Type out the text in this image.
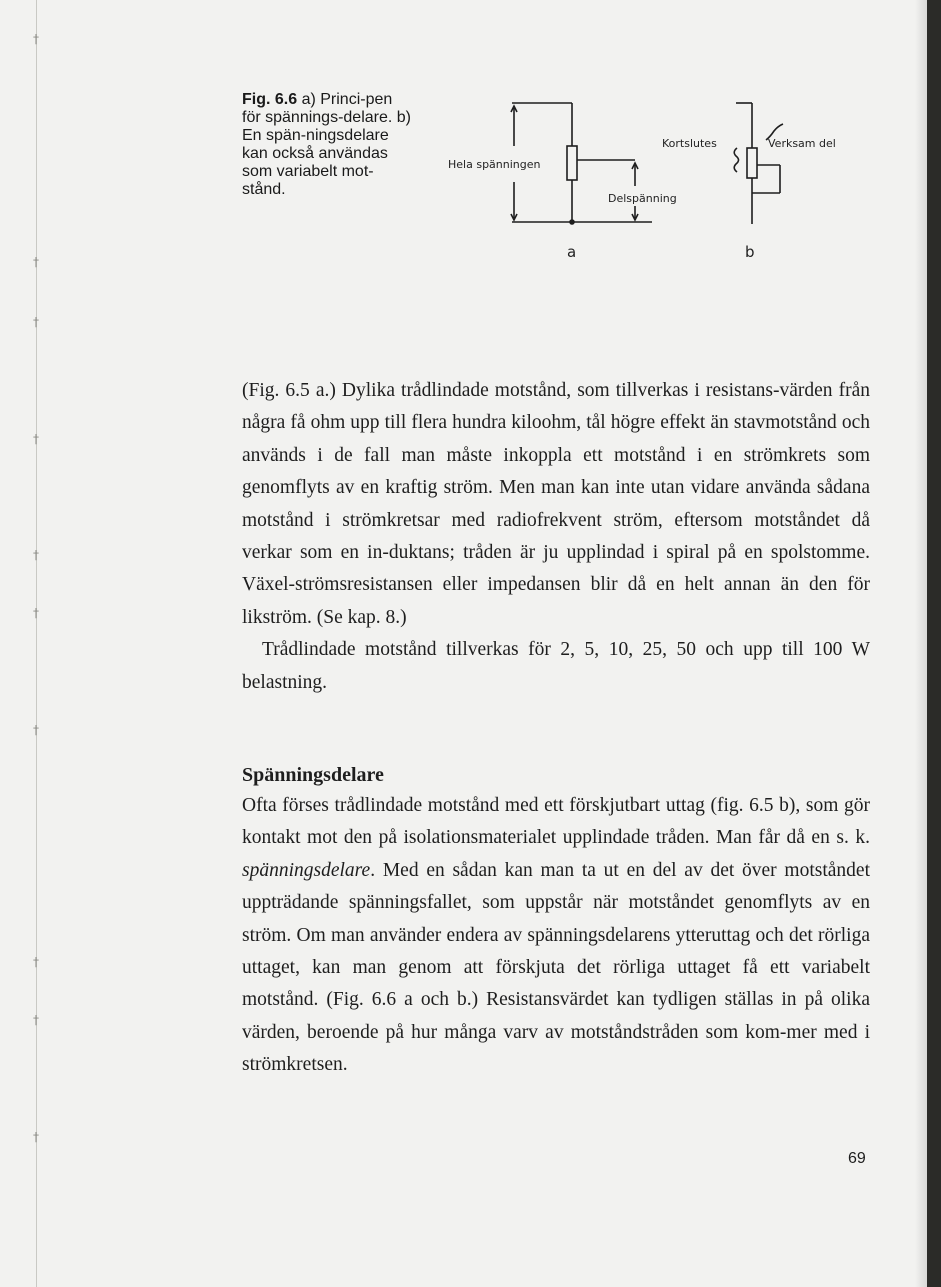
†
†
†
†
†
†
†
†
†
†
Fig. 6.6 a) Princi-pen för spännings-delare. b) En spän-ningsdelare kan också användas som variabelt mot-stånd.
Hela spänningen
Delspänning
Kortslutes	Verksam del
a	b

(Fig. 6.5 a.) Dylika trådlindade motstånd, som tillverkas i resistans-värden från några få ohm upp till flera hundra kiloohm, tål högre effekt än stavmotstånd och används i de fall man måste inkoppla ett motstånd i en strömkrets som genomflyts av en kraftig ström. Men man kan inte utan vidare använda sådana motstånd i strömkretsar med radiofrekvent ström, eftersom motståndet då verkar som en in-duktans; tråden är ju upplindad i spiral på en spolstomme. Växel-strömsresistansen eller impedansen blir då en helt annan än den för likström. (Se kap. 8.)

Trådlindade motstånd tillverkas för 2, 5, 10, 25, 50 och upp till 100 W belastning.

Spänningsdelare

Ofta förses trådlindade motstånd med ett förskjutbart uttag (fig. 6.5 b), som gör kontakt mot den på isolationsmaterialet upplindade tråden. Man får då en s. k. spänningsdelare. Med en sådan kan man ta ut en del av det över motståndet uppträdande spänningsfallet, som uppstår när motståndet genomflyts av en ström. Om man använder endera av spänningsdelarens ytteruttag och det rörliga uttaget, kan man genom att förskjuta det rörliga uttaget få ett variabelt motstånd. (Fig. 6.6 a och b.) Resistansvärdet kan tydligen ställas in på olika värden, beroende på hur många varv av motståndstråden som kom-mer med i strömkretsen.

69
